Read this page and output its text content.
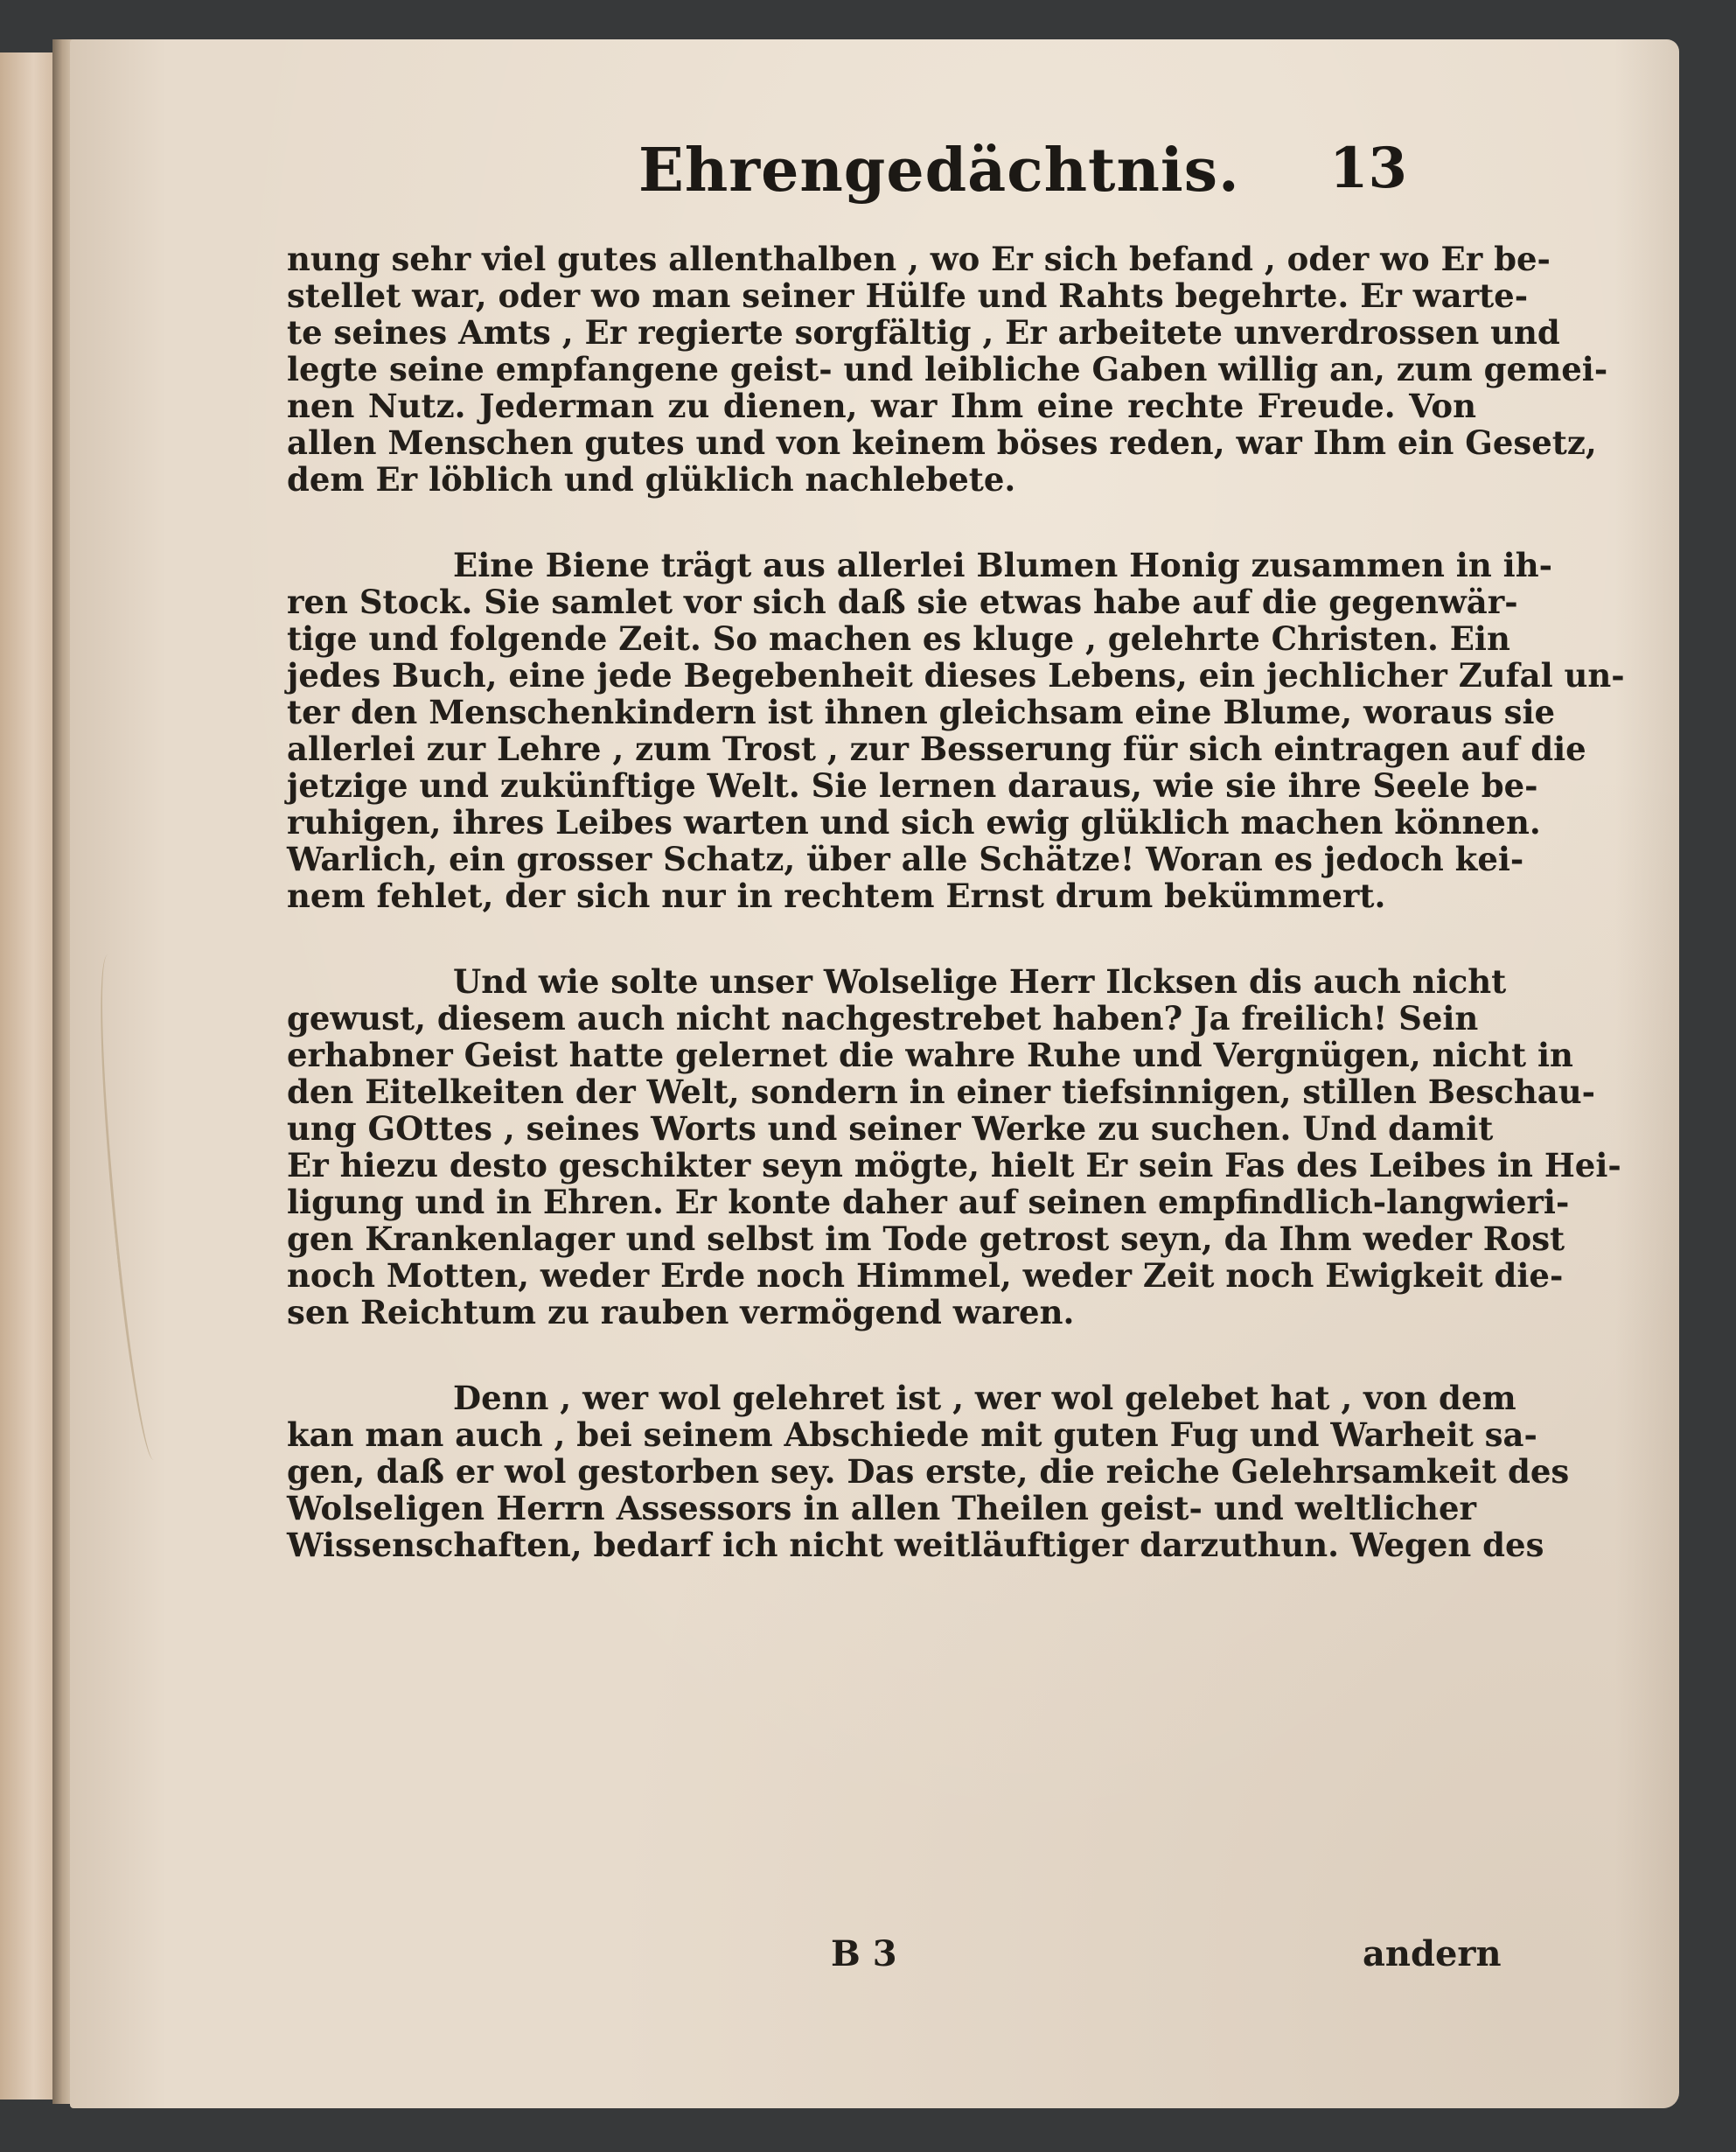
Ehrengedächtnis. 13
nung sehr viel gutes allenthalben , wo Er sich befand , oder wo Er be-
stellet war, oder wo man seiner Hülfe und Rahts begehrte. Er warte-
te seines Amts , Er regierte sorgfältig , Er arbeitete unverdrossen und
legte seine empfangene geist- und leibliche Gaben willig an, zum gemei-
nen Nutz. Jederman zu dienen, war Ihm eine rechte Freude. Von
allen Menschen gutes und von keinem böses reden, war Ihm ein Gesetz,
dem Er löblich und glüklich nachlebete.
Eine Biene trägt aus allerlei Blumen Honig zusammen in ih-
ren Stock. Sie samlet vor sich daß sie etwas habe auf die gegenwär-
tige und folgende Zeit. So machen es kluge , gelehrte Christen. Ein
jedes Buch, eine jede Begebenheit dieses Lebens, ein jechlicher Zufal un-
ter den Menschenkindern ist ihnen gleichsam eine Blume, woraus sie
allerlei zur Lehre , zum Trost , zur Besserung für sich eintragen auf die
jetzige und zukünftige Welt. Sie lernen daraus, wie sie ihre Seele be-
ruhigen, ihres Leibes warten und sich ewig glüklich machen können.
Warlich, ein grosser Schatz, über alle Schätze! Woran es jedoch kei-
nem fehlet, der sich nur in rechtem Ernst drum bekümmert.
Und wie solte unser Wolselige Herr Ilcksen dis auch nicht
gewust, diesem auch nicht nachgestrebet haben? Ja freilich! Sein
erhabner Geist hatte gelernet die wahre Ruhe und Vergnügen, nicht in
den Eitelkeiten der Welt, sondern in einer tiefsinnigen, stillen Beschau-
ung GOttes , seines Worts und seiner Werke zu suchen. Und damit
Er hiezu desto geschikter seyn mögte, hielt Er sein Fas des Leibes in Hei-
ligung und in Ehren. Er konte daher auf seinen empfindlich-langwieri-
gen Krankenlager und selbst im Tode getrost seyn, da Ihm weder Rost
noch Motten, weder Erde noch Himmel, weder Zeit noch Ewigkeit die-
sen Reichtum zu rauben vermögend waren.
Denn , wer wol gelehret ist , wer wol gelebet hat , von dem
kan man auch , bei seinem Abschiede mit guten Fug und Warheit sa-
gen, daß er wol gestorben sey. Das erste, die reiche Gelehrsamkeit des
Wolseligen Herrn Assessors in allen Theilen geist- und weltlicher
Wissenschaften, bedarf ich nicht weitläuftiger darzuthun. Wegen des
B 3	andern
